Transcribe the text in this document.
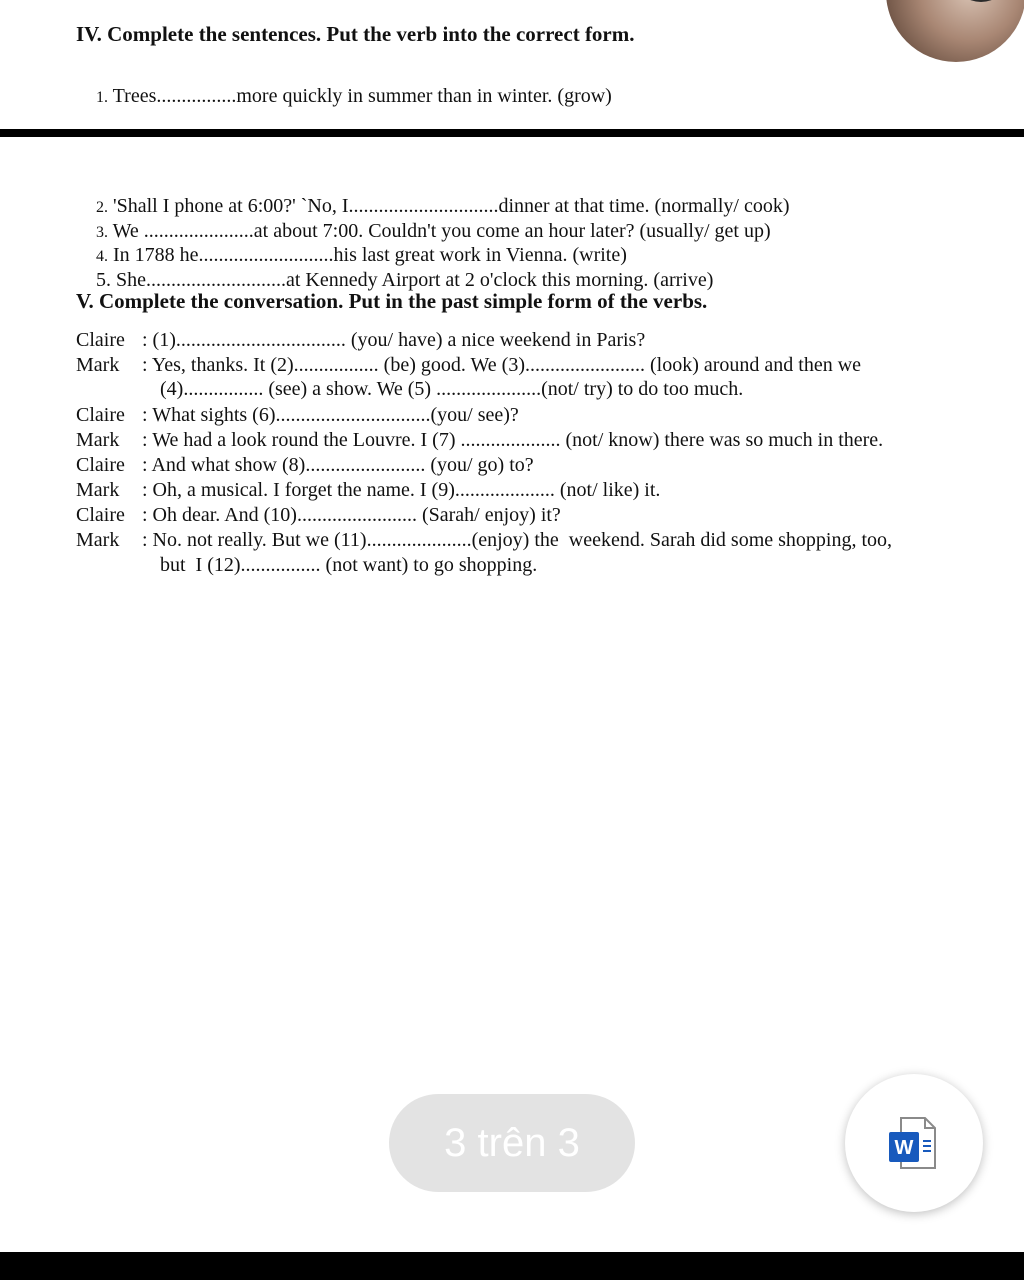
IV. Complete the sentences. Put the verb into the correct form.

1. Trees................more quickly in summer than in winter. (grow)

2. 'Shall I phone at 6:00?' `No, I..............................dinner at that time. (normally/ cook)

3. We ......................at about 7:00. Couldn't you come an hour later? (usually/ get up)

4. In 1788 he...........................his last great work in Vienna. (write)

5. She............................at Kennedy Airport at 2 o'clock this morning. (arrive)

V. Complete the conversation. Put in the past simple form of the verbs.
Claire : (1).................................. (you/ have) a nice weekend in Paris?
Mark : Yes, thanks. It (2)................. (be) good. We (3)........................ (look) around and then we
(4)................ (see) a show. We (5) .....................(not/ try) to do too much.
Claire : What sights (6)...............................(you/ see)?
Mark : We had a look round the Louvre. I (7) .................... (not/ know) there was so much in there.
Claire : And what show (8)........................ (you/ go) to?
Mark : Oh, a musical. I forget the name. I (9).................... (not/ like) it.
Claire : Oh dear. And (10)........................ (Sarah/ enjoy) it?
Mark : No. not really. But we (11).....................(enjoy) the  weekend. Sarah did some shopping, too,
but  I (12)................ (not want) to go shopping.
3 trên 3	W
